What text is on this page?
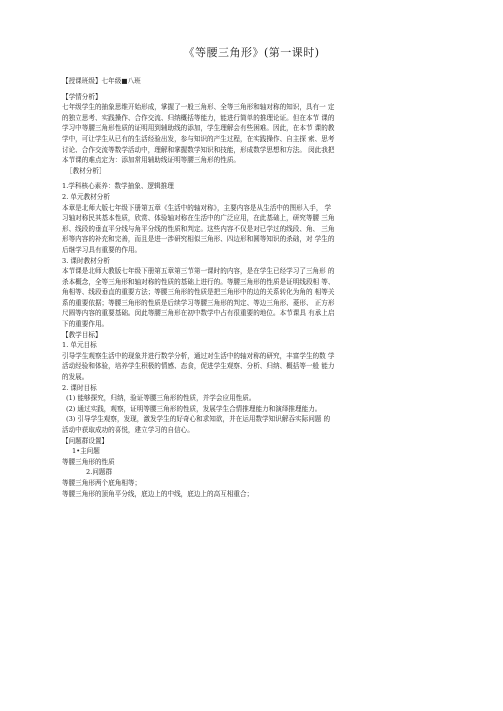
《等腰三角形》(第一课时)

【授课班级】七年级■八班

【学情分析】

七年级学生的抽象思维开始形成，掌握了一般三角形、全等三角形和轴对称的知识，具有一 定
的独立思考、实践操作、合作交流、归纳概括等能力，能进行简单的推理论证。但在本节 课的
学习中等腰三角形性质的证明用到辅助线的添加，学生理解会有些困难。因此，在本节 课的教
学中，可让学生从已有的生活经验出发，参与知识的产生过程，在实践操作、自主探 索、思考
讨论、合作交流等数学活动中，理解和掌握数学知识和技能，形成数学思想和方法。 闵此我把
本节课的难点定为：添加常用辅助线证明等腰三角形的性质。

［教材分析］

1.学科核心素养：数学抽象、逻辑推理

2. 单元教材分析

本章是北师大版七年级下册第五章《生活中的轴对称》，主要内容是从生活中的图形入手， 学
习轴对称民其基本性质，欣赏、体验轴对称在生活中的广泛应用，在此基础上，研究等腰 三角
形、线段的垂直平分线与角平分线的性质和判定。这些内容不仅是对已学过的线段、角、 三角
形等内容的补充和完善，而且是进一涉研究相似三角形、四边形和圆等知识的杀础，对 学生的
后继学习具有重要的作用。

3. 课时教材分析

本节课是北师大教版七年级下册第五章第三节第一课时的内容，是在学生已经学习了三角形 的
杀本概念，全等三角形和轴对称的性质的基础上进行的。等腰三角形的性质是证明线段相 等、
角相等、线段垂直的重要方法；等腰三角形的性质是把三角形中的边的关系转化为角的 相等关
系的重要依据；等腰三角形的性质是后续学习等腰三角形的判定、等边三角形、菱形、 正方形
尺圆等内容的重要基础。闵此等腰三角形在初中数学中占有很重要的地位。本节课具 有承上启
下的重要作用。

【教学目标】

1. 单元目标

引导学生观察生活中的现象并进行数学分析，通过对生活中的轴对称的研究，丰富学生的数 学
活动经验和体验，培养学生积极的情感、态食，促进学生观察、分析、归纳、概括等一般 能力
的发展。

2. 课时目标

(1) 能够探究，归纳，验证等腰三角形的性质，并学会应用性质。

(2) 通过实践，观察，证明等腰三角形的性质，发展学生合情推理能力和演绎推理能力。

(3) 引导学生观察，发现，激发学生的好奇心和求知欲，并在运用数学知识解吞实际问题 的
活动中获取成功的喜悦，建立学习的自信心。

【问题群设置】

1•主问题

等腰三角形的性质

2.问题群

等腰三角形两个底角相等；

等腰三角形的顶角平分线，底边上的中线，底边上的高互相重合；
